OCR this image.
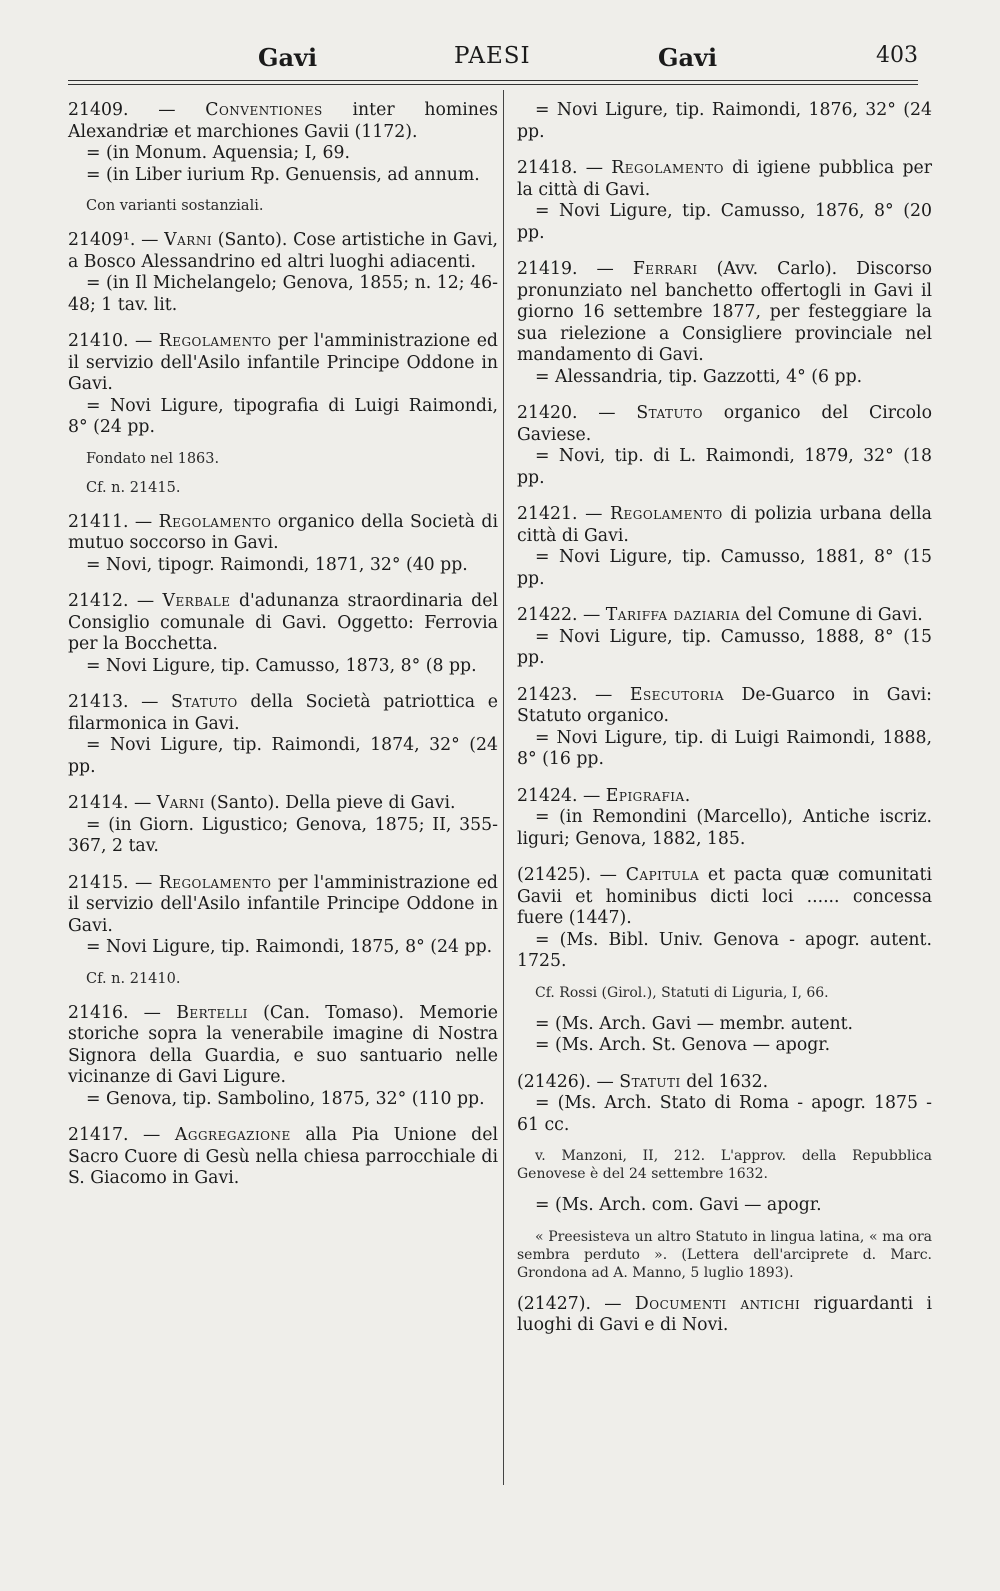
Gavi	PAESI	Gavi	403

21409. — Conventiones inter homines Alexandriæ et marchiones Gavii (1172).

= (in Monum. Aquensia; I, 69.

= (in Liber iurium Rp. Genuensis, ad annum.

Con varianti sostanziali.

21409¹. — Varni (Santo). Cose artistiche in Gavi, a Bosco Alessandrino ed altri luoghi adiacenti.

= (in Il Michelangelo; Genova, 1855; n. 12; 46-48; 1 tav. lit.

21410. — Regolamento per l'amministrazione ed il servizio dell'Asilo infantile Principe Oddone in Gavi.

= Novi Ligure, tipografia di Luigi Raimondi, 8° (24 pp.

Fondato nel 1863.
Cf. n. 21415.

21411. — Regolamento organico della Società di mutuo soccorso in Gavi.

= Novi, tipogr. Raimondi, 1871, 32° (40 pp.

21412. — Verbale d'adunanza straordinaria del Consiglio comunale di Gavi. Oggetto: Ferrovia per la Bocchetta.

= Novi Ligure, tip. Camusso, 1873, 8° (8 pp.

21413. — Statuto della Società patriottica e filarmonica in Gavi.

= Novi Ligure, tip. Raimondi, 1874, 32° (24 pp.

21414. — Varni (Santo). Della pieve di Gavi.

= (in Giorn. Ligustico; Genova, 1875; II, 355-367, 2 tav.

21415. — Regolamento per l'amministrazione ed il servizio dell'Asilo infantile Principe Oddone in Gavi.

= Novi Ligure, tip. Raimondi, 1875, 8° (24 pp.

Cf. n. 21410.

21416. — Bertelli (Can. Tomaso). Memorie storiche sopra la venerabile imagine di Nostra Signora della Guardia, e suo santuario nelle vicinanze di Gavi Ligure.

= Genova, tip. Sambolino, 1875, 32° (110 pp.

21417. — Aggregazione alla Pia Unione del Sacro Cuore di Gesù nella chiesa parrocchiale di S. Giacomo in Gavi.

= Novi Ligure, tip. Raimondi, 1876, 32° (24 pp.

21418. — Regolamento di igiene pubblica per la città di Gavi.

= Novi Ligure, tip. Camusso, 1876, 8° (20 pp.

21419. — Ferrari (Avv. Carlo). Discorso pronunziato nel banchetto offertogli in Gavi il giorno 16 settembre 1877, per festeggiare la sua rielezione a Consigliere provinciale nel mandamento di Gavi.

= Alessandria, tip. Gazzotti, 4° (6 pp.

21420. — Statuto organico del Circolo Gaviese.

= Novi, tip. di L. Raimondi, 1879, 32° (18 pp.

21421. — Regolamento di polizia urbana della città di Gavi.

= Novi Ligure, tip. Camusso, 1881, 8° (15 pp.

21422. — Tariffa daziaria del Comune di Gavi.

= Novi Ligure, tip. Camusso, 1888, 8° (15 pp.

21423. — Esecutoria De-Guarco in Gavi: Statuto organico.

= Novi Ligure, tip. di Luigi Raimondi, 1888, 8° (16 pp.

21424. — Epigrafia.

= (in Remondini (Marcello), Antiche iscriz. liguri; Genova, 1882, 185.

(21425). — Capitula et pacta quæ comunitati Gavii et hominibus dicti loci ...... concessa fuere (1447).

= (Ms. Bibl. Univ. Genova - apogr. autent. 1725.

Cf. Rossi (Girol.), Statuti di Liguria, I, 66.

= (Ms. Arch. Gavi — membr. autent.

= (Ms. Arch. St. Genova — apogr.

(21426). — Statuti del 1632.

= (Ms. Arch. Stato di Roma - apogr. 1875 - 61 cc.

v. Manzoni, II, 212. L'approv. della Repubblica Genovese è del 24 settembre 1632.

= (Ms. Arch. com. Gavi — apogr.

« Preesisteva un altro Statuto in lingua latina, « ma ora sembra perduto ». (Lettera dell'arciprete d. Marc. Grondona ad A. Manno, 5 luglio 1893).

(21427). — Documenti antichi riguardanti i luoghi di Gavi e di Novi.
